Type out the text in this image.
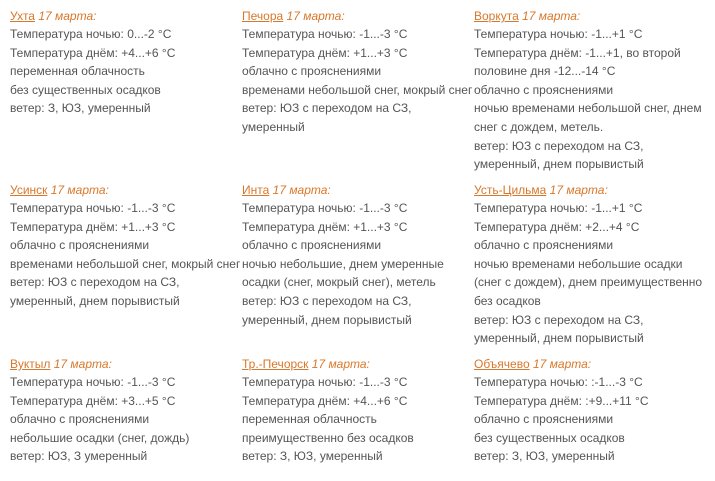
Ухта 17 марта:
Температура ночью: 0...-2 °C
Температура днём: +4...+6 °C
переменная облачность
без существенных осадков
ветер: З, ЮЗ, умеренный
Печора 17 марта:
Температура ночью: -1...-3 °C
Температура днём: +1...+3 °C
облачно с прояснениями
временами небольшой снег, мокрый снег
ветер: ЮЗ с переходом на СЗ,
умеренный
Воркута 17 марта:
Температура ночью: -1...+1 °C
Температура днём: -1...+1, во второй
половине дня -12...-14 °C
облачно с прояснениями
ночью временами небольшой снег, днем
снег с дождем, метель.
ветер: ЮЗ с переходом на СЗ,
умеренный, днем порывистый
Усинск 17 марта:
Температура ночью: -1...-3 °C
Температура днём: +1...+3 °C
облачно с прояснениями
временами небольшой снег, мокрый снег
ветер: ЮЗ с переходом на СЗ,
умеренный, днем порывистый
Инта 17 марта:
Температура ночью: -1...-3 °C
Температура днём: +1...+3 °C
облачно с прояснениями
ночью небольшие, днем умеренные
осадки (снег, мокрый снег), метель
ветер: ЮЗ с переходом на СЗ,
умеренный, днем порывистый
Усть-Цильма 17 марта:
Температура ночью: -1...+1 °C
Температура днём: +2...+4 °C
облачно с прояснениями
ночью временами небольшие осадки
(снег с дождем), днем преимущественно
без осадков
ветер: ЮЗ с переходом на СЗ,
умеренный, днем порывистый
Вуктыл 17 марта:
Температура ночью: -1...-3 °C
Температура днём: +3...+5 °C
облачно с прояснениями
небольшие осадки (снег, дождь)
ветер: ЮЗ, З умеренный
Тр.-Печорск 17 марта:
Температура ночью: -1...-3 °C
Температура днём: +4...+6 °C
переменная облачность
преимущественно без осадков
ветер: З, ЮЗ, умеренный
Объячево 17 марта:
Температура ночью: :-1...-3 °C
Температура днём: :+9...+11 °C
облачно с прояснениями
без существенных осадков
ветер: З, ЮЗ, умеренный
